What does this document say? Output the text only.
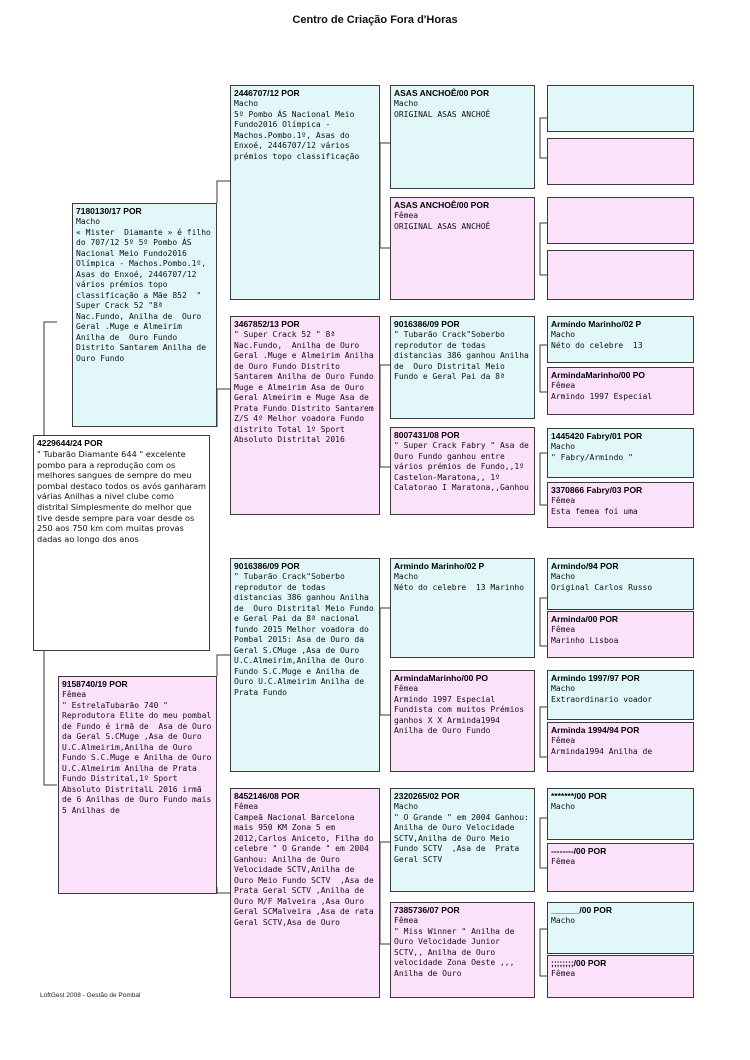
Centro de Criação Fora d'Horas
4229644/24 POR
" Tubarão Diamante 644 " excelente pombo para a reprodução com os melhores sangues de sempre do meu pombal destaco todos os avós ganharam várias Anilhas a nivel clube como distrital Simplesmente do melhor que tive desde sempre para voar desde os 250 aos 750 km com muitas provas dadas ao longo dos anos
7180130/17 POR
Macho
« Mister  Diamante » é filho do 707/12 5º 5º Pombo ÁS Nacional Meio Fundo2016 Olímpica - Machos.Pombo.1º, Asas do Enxoé, 2446707/12 vários prémios topo classificação a Mãe 852  " Super Crack 52 "8ª Nac.Fundo, Anilha de  Ouro Geral .Muge e Almeirim Anilha de  Ouro Fundo Distrito Santarem Anilha de Ouro Fundo
9158740/19 POR
Fêmea
" EstrelaTubarão 740 " Reprodutora Elite do meu pombal de Fundo é irmã de  Asa de Ouro da Geral S.CMuge ,Asa de Ouro U.C.Almeirim,Anilha de Ouro Fundo S.C.Muge e Anilha de Ouro U.C.Almeirim Anilha de Prata Fundo Distrital,1º Sport Absoluto DistritalL 2016 irmã de 6 Anilhas de Ouro Fundo mais 5 Anilhas de
2446707/12 POR
Macho
5º Pombo ÁS Nacional Meio Fundo2016 Olímpica - Machos.Pombo.1º, Asas do Enxoé, 2446707/12 vários prémios topo classificação
3467852/13 POR
" Super Crack 52 " 8ª Nac.Fundo,  Anilha de Ouro Geral .Muge e Almeirim Anilha de Ouro Fundo Distrito Santarem Anilha de Ouro Fundo Muge e Almeirim Asa de Ouro Geral Almeirim e Muge Asa de Prata Fundo Distrito Santarem Z/S 4º Melhor voadora Fundo distrito Total 1º Sport Absoluto Distrital 2016
9016386/09 POR
" Tubarão Crack"Soberbo reprodutor de todas distancias 386 ganhou Anilha de  Ouro Distrital Meio Fundo e Geral Pai da 8ª nacional fundo 2015 Melhor voadora do Pombal 2015: Asa de Ouro da Geral S.CMuge ,Asa de Ouro U.C.Almeirim,Anilha de Ouro Fundo S.C.Muge e Anilha de Ouro U.C.Almeirim Anilha de Prata Fundo
8452146/08 POR
Fêmea
Campeã Nacional Barcelona mais 950 KM Zona 5 em 2012,Carlos Aniceto, Filha do celebre " O Grande " em 2004 Ganhou: Anilha de Ouro Velocidade SCTV,Anilha de Ouro Meio Fundo SCTV  ,Asa de  Prata Geral SCTV ,Anilha de  Ouro M/F Malveira ,Asa Ouro Geral SCMalveira ,Asa de rata Geral SCTV,Asa de Ouro
ASAS ANCHOÊ/00 POR
Macho
ORIGINAL ASAS ANCHOÊ
ASAS ANCHOÊ/00 POR
Fêmea
ORIGINAL ASAS ANCHOÊ
9016386/09 POR
" Tubarão Crack"Soberbo reprodutor de todas distancias 386 ganhou Anilha de  Ouro Distrital Meio Fundo e Geral Pai da 8ª
8007431/08 POR
" Super Crack Fabry " Asa de Ouro Fundo ganhou entre vários prémios de Fundo,,1º Castelon-Maratona,, 1º Calatorao I Maratona,,Ganhou
Armindo Marinho/02 P
Macho
Néto do celebre  13 Marinho
ArmindaMarinho/00 PO
Fêmea
Armindo 1997 Especial Fundista com muitos Prémios ganhos X X Arminda1994 Anilha de Ouro Fundo
2320265/02 POR
Macho
" O Grande " em 2004 Ganhou: Anilha de Ouro Velocidade SCTV,Anilha de Ouro Meio Fundo SCTV  ,Asa de  Prata Geral SCTV
7385736/07 POR
Fêmea
" Miss Winner " Anilha de Ouro Velocidade Junior SCTV,, Anilha de Ouro velocidade Zona Oeste ,,, Anilha de Ouro
Armindo Marinho/02 P
Macho
Néto do celebre  13
ArmindaMarinho/00 PO
Fêmea
Armindo 1997 Especial
1445420 Fabry/01 POR
Macho
" Fabry/Armindo "
3370866 Fabry/03 POR
Fêmea
Esta femea foi uma
Armindo/94 POR
Macho
Original Carlos Russo
Arminda/00 POR
Fêmea
Marinho Lisboa
Armindo 1997/97 POR
Macho
Extraordinario voador
Arminda 1994/94 POR
Fêmea
Arminda1994 Anilha de
*******/00 POR
Macho
--------/00 POR
Fêmea
______/00 POR
Macho
;;;;;;;;/00 POR
Fêmea
LoftGest 2008 - Gestão de Pombal
